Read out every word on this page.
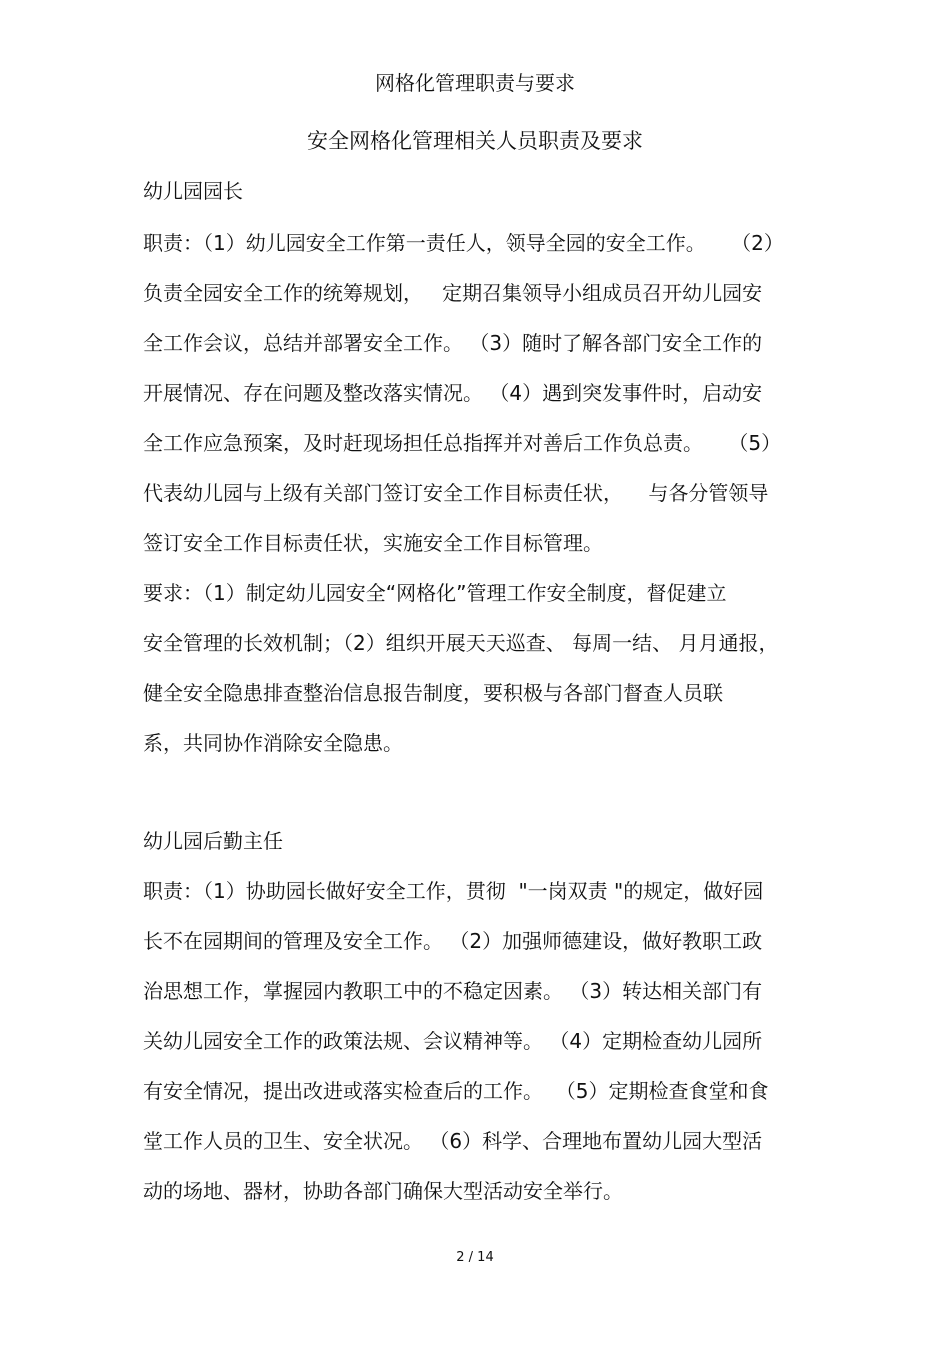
网格化管理职责与要求
安全网格化管理相关人员职责及要求
幼儿园园长
职责：（1）幼儿园安全工作第一责任人，领导全园的安全工作。    （2）
负责全园安全工作的统筹规划，   定期召集领导小组成员召开幼儿园安
全工作会议，总结并部署安全工作。 （3）随时了解各部门安全工作的
开展情况、存在问题及整改落实情况。 （4）遇到突发事件时，启动安
全工作应急预案，及时赶现场担任总指挥并对善后工作负总责。    （5）
代表幼儿园与上级有关部门签订安全工作目标责任状，    与各分管领导
签订安全工作目标责任状，实施安全工作目标管理。
要求：（1）制定幼儿园安全“网格化”管理工作安全制度，督促建立
安全管理的长效机制；（2）组织开展天天巡查、 每周一结、 月月通报，
健全安全隐患排查整治信息报告制度，要积极与各部门督查人员联
系，共同协作消除安全隐患。
幼儿园后勤主任
职责：（1）协助园长做好安全工作，贯彻  "一岗双责 "的规定，做好园
长不在园期间的管理及安全工作。 （2）加强师德建设，做好教职工政
治思想工作，掌握园内教职工中的不稳定因素。 （3）转达相关部门有
关幼儿园安全工作的政策法规、会议精神等。 （4）定期检查幼儿园所
有安全情况，提出改进或落实检查后的工作。  （5）定期检查食堂和食
堂工作人员的卫生、安全状况。 （6）科学、合理地布置幼儿园大型活
动的场地、器材，协助各部门确保大型活动安全举行。
2 / 14
